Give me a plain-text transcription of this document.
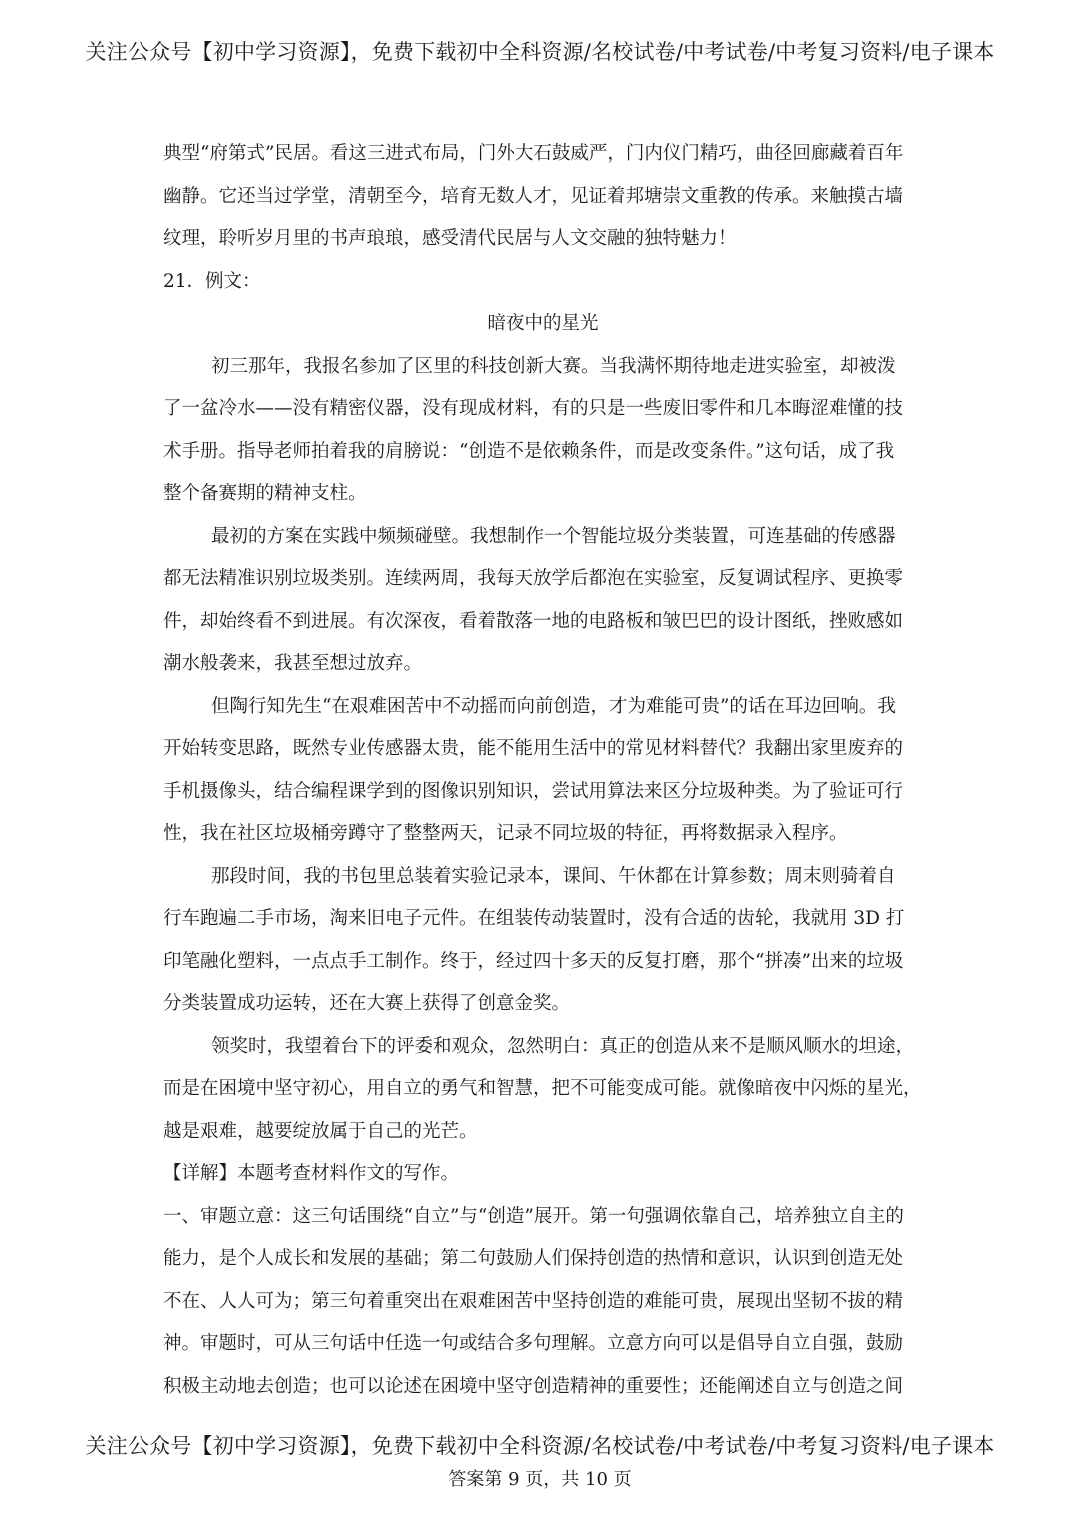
关注公众号【初中学习资源】，免费下载初中全科资源/名校试卷/中考试卷/中考复习资料/电子课本
典型“府第式”民居。看这三进式布局，门外大石鼓威严，门内仪门精巧，曲径回廊藏着百年
幽静。它还当过学堂，清朝至今，培育无数人才，见证着邦塘崇文重教的传承。来触摸古墙
纹理，聆听岁月里的书声琅琅，感受清代民居与人文交融的独特魅力！
21．例文：
暗夜中的星光
初三那年，我报名参加了区里的科技创新大赛。当我满怀期待地走进实验室，却被泼
了一盆冷水——没有精密仪器，没有现成材料，有的只是一些废旧零件和几本晦涩难懂的技
术手册。指导老师拍着我的肩膀说：“创造不是依赖条件，而是改变条件。”这句话，成了我
整个备赛期的精神支柱。
最初的方案在实践中频频碰壁。我想制作一个智能垃圾分类装置，可连基础的传感器
都无法精准识别垃圾类别。连续两周，我每天放学后都泡在实验室，反复调试程序、更换零
件，却始终看不到进展。有次深夜，看着散落一地的电路板和皱巴巴的设计图纸，挫败感如
潮水般袭来，我甚至想过放弃。
但陶行知先生“在艰难困苦中不动摇而向前创造，才为难能可贵”的话在耳边回响。我
开始转变思路，既然专业传感器太贵，能不能用生活中的常见材料替代？我翻出家里废弃的
手机摄像头，结合编程课学到的图像识别知识，尝试用算法来区分垃圾种类。为了验证可行
性，我在社区垃圾桶旁蹲守了整整两天，记录不同垃圾的特征，再将数据录入程序。
那段时间，我的书包里总装着实验记录本，课间、午休都在计算参数；周末则骑着自
行车跑遍二手市场，淘来旧电子元件。在组装传动装置时，没有合适的齿轮，我就用 3D 打
印笔融化塑料，一点点手工制作。终于，经过四十多天的反复打磨，那个“拼凑”出来的垃圾
分类装置成功运转，还在大赛上获得了创意金奖。
领奖时，我望着台下的评委和观众，忽然明白：真正的创造从来不是顺风顺水的坦途，
而是在困境中坚守初心，用自立的勇气和智慧，把不可能变成可能。就像暗夜中闪烁的星光，
越是艰难，越要绽放属于自己的光芒。
【详解】本题考查材料作文的写作。
一、审题立意：这三句话围绕“自立”与“创造”展开。第一句强调依靠自己，培养独立自主的
能力，是个人成长和发展的基础；第二句鼓励人们保持创造的热情和意识，认识到创造无处
不在、人人可为；第三句着重突出在艰难困苦中坚持创造的难能可贵，展现出坚韧不拔的精
神。审题时，可从三句话中任选一句或结合多句理解。立意方向可以是倡导自立自强，鼓励
积极主动地去创造；也可以论述在困境中坚守创造精神的重要性；还能阐述自立与创造之间
关注公众号【初中学习资源】，免费下载初中全科资源/名校试卷/中考试卷/中考复习资料/电子课本
答案第 9 页，共 10 页
